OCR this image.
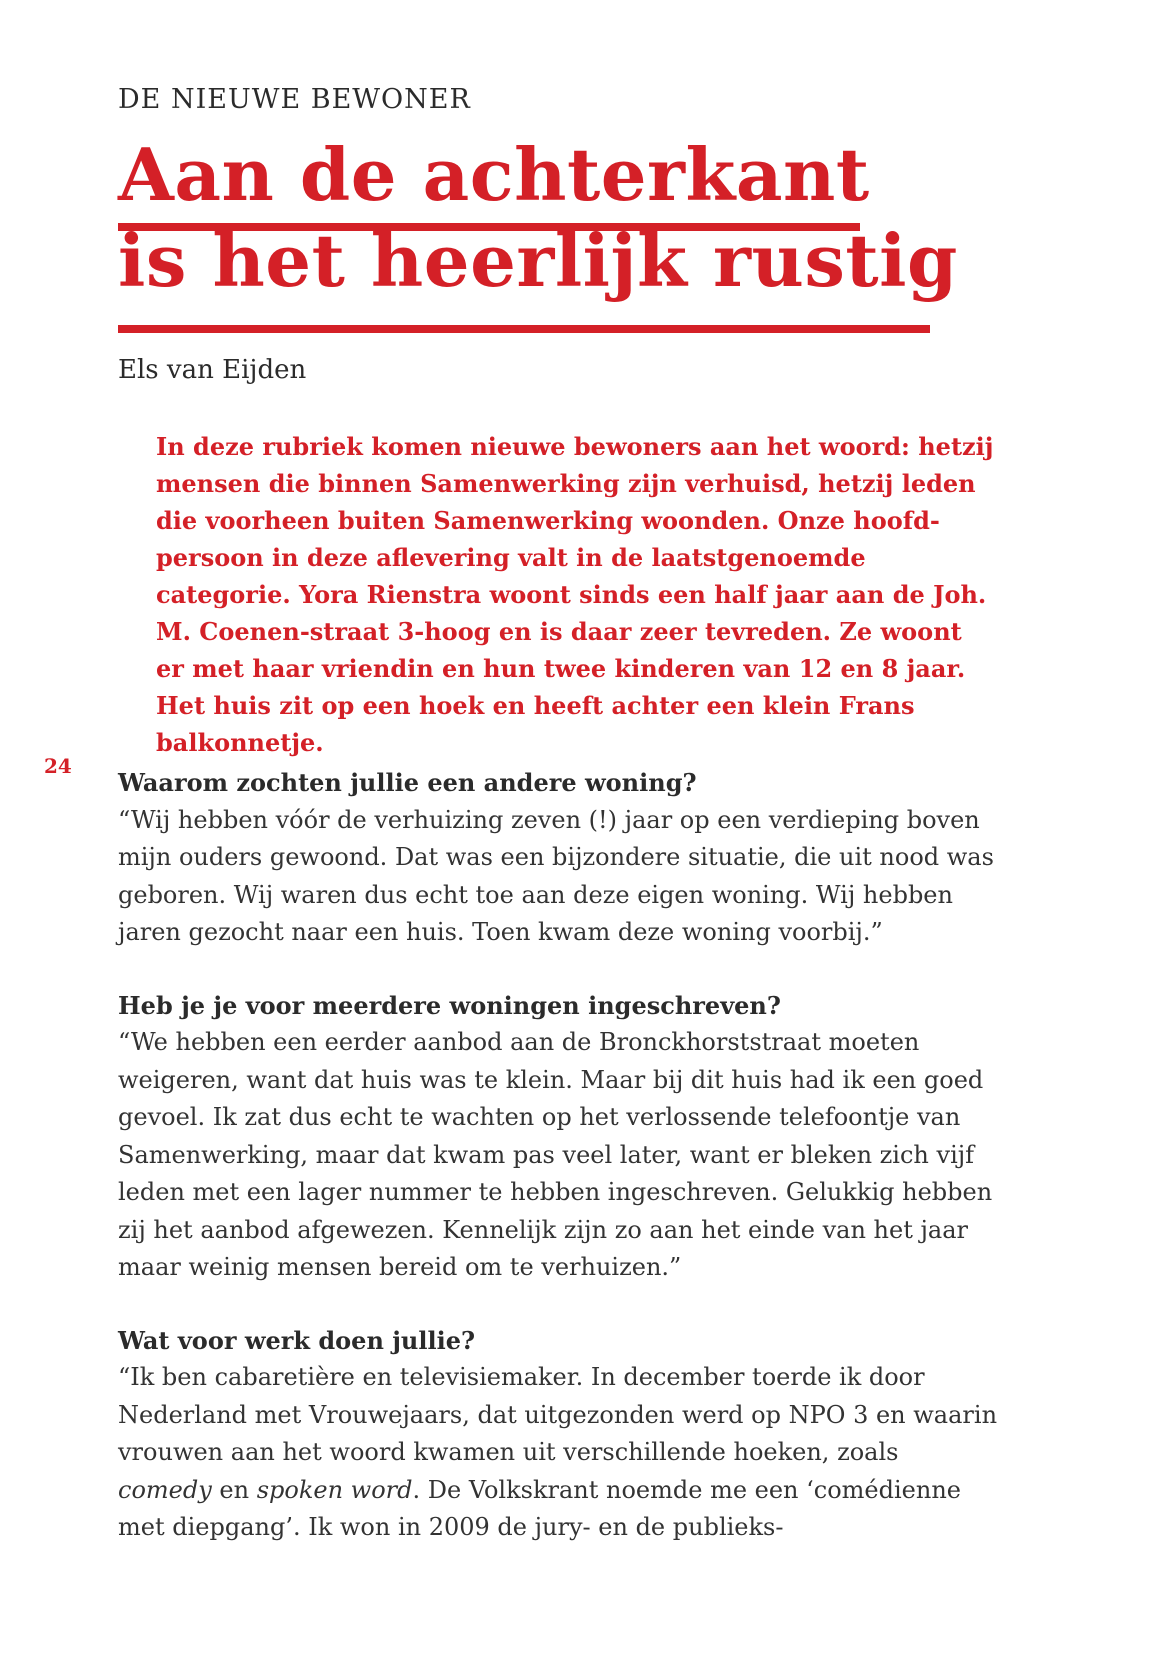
DE NIEUWE BEWONER
Aan de achterkant
is het heerlijk rustig
Els van Eijden

In deze rubriek komen nieuwe bewoners aan het woord: hetzij mensen die binnen Samenwerking zijn verhuisd, hetzij leden die voorheen buiten Samenwerking woonden. Onze hoofd-persoon in deze aflevering valt in de laatstgenoemde categorie. Yora Rienstra woont sinds een half jaar aan de Joh. M. Coenen-straat 3-hoog en is daar zeer tevreden. Ze woont er met haar vriendin en hun twee kinderen van 12 en 8 jaar. Het huis zit op een hoek en heeft achter een klein Frans balkonnetje.

24

Waarom zochten jullie een andere woning?

“Wij hebben vóór de verhuizing zeven (!) jaar op een verdieping boven mijn ouders gewoond. Dat was een bijzondere situatie, die uit nood was geboren. Wij waren dus echt toe aan deze eigen woning. Wij hebben jaren gezocht naar een huis. Toen kwam deze woning voorbij.”

Heb je je voor meerdere woningen ingeschreven?

“We hebben een eerder aanbod aan de Bronckhorststraat moeten weigeren, want dat huis was te klein. Maar bij dit huis had ik een goed gevoel. Ik zat dus echt te wachten op het verlossende telefoontje van Samenwerking, maar dat kwam pas veel later, want er bleken zich vijf leden met een lager nummer te hebben ingeschreven. Gelukkig hebben zij het aanbod afgewezen. Kennelijk zijn zo aan het einde van het jaar maar weinig mensen bereid om te verhuizen.”

Wat voor werk doen jullie?

“Ik ben cabaretière en televisiemaker. In december toerde ik door Nederland met Vrouwejaars, dat uitgezonden werd op NPO 3 en waarin vrouwen aan het woord kwamen uit verschillende hoeken, zoals comedy en spoken word. De Volkskrant noemde me een ‘comédienne met diepgang’. Ik won in 2009 de jury- en de publieks-
